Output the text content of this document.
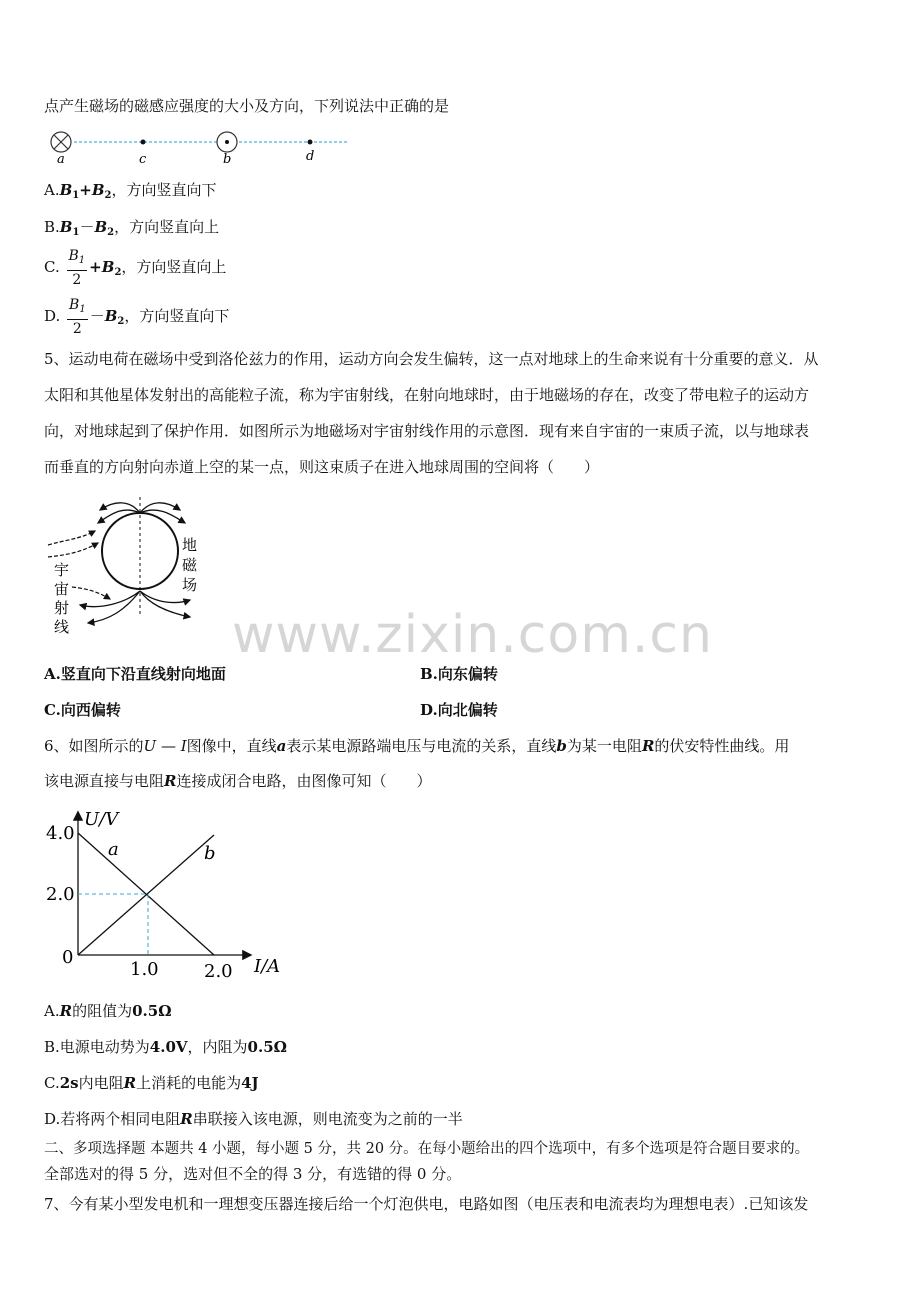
点产生磁场的磁感应强度的大小及方向，下列说法中正确的是
a	c	b	d
$A.B_1+B_2$，方向竖直向下
$B.B_1-B_2$，方向竖直向上
C. $\frac{B_1}{2} +B_2$，方向竖直向上
D. $\frac{B_1}{2} -B_2$，方向竖直向下
5、运动电荷在磁场中受到洛伦兹力的作用，运动方向会发生偏转，这一点对地球上的生命来说有十分重要的意义．从
太阳和其他星体发射出的高能粒子流，称为宇宙射线，在射向地球时，由于地磁场的存在，改变了带电粒子的运动方
向，对地球起到了保护作用．如图所示为地磁场对宇宙射线作用的示意图．现有来自宇宙的一束质子流，以与地球表
而垂直的方向射向赤道上空的某一点，则这束质子在进入地球周围的空间将（　　）
宇
宙
射
线
地
磁
场
www.zixin.com.cn
A.竖直向下沿直线射向地面	B.向东偏转
C.向西偏转	D.向北偏转
6、如图所示的U — I图像中，直线a表示某电源路端电压与电流的关系，直线b为某一电阻R的伏安特性曲线。用
该电源直接与电阻R连接成闭合电路，由图像可知（　　）
U/V
I/A
4.0
2.0
0
1.0	2.0
a	b
A.R的阻值为0.5Ω
B.电源电动势为4.0V，内阻为0.5Ω
C.2s内电阻R上消耗的电能为4J
D.若将两个相同电阻R串联接入该电源，则电流变为之前的一半
二、多项选择题 本题共 4 小题，每小题 5 分，共 20 分。在每小题给出的四个选项中，有多个选项是符合题目要求的。
全部选对的得 5 分，选对但不全的得 3 分，有选错的得 0 分。
7、今有某小型发电机和一理想变压器连接后给一个灯泡供电，电路如图（电压表和电流表均为理想电表）.已知该发
